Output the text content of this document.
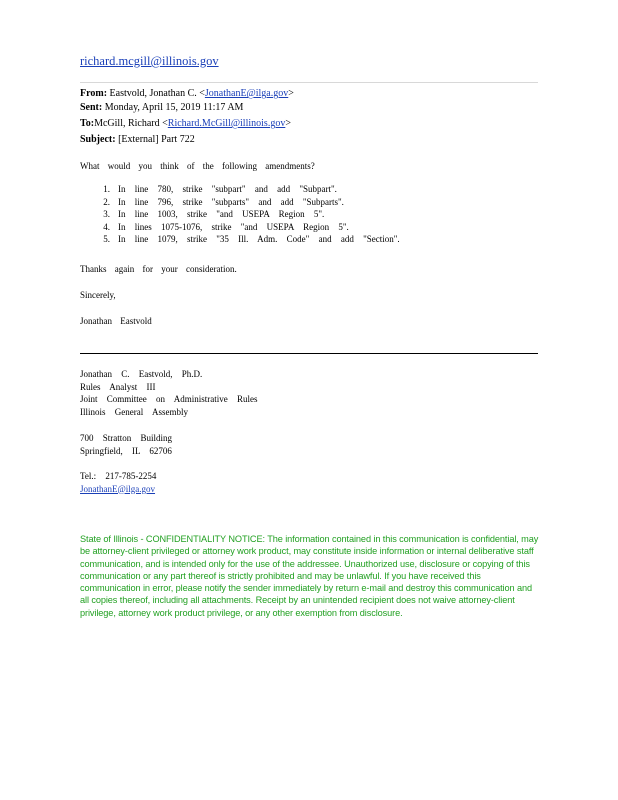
richard.mcgill@illinois.gov
From: Eastvold, Jonathan C. <JonathanE@ilga.gov>
Sent: Monday, April 15, 2019 11:17 AM
To:McGill, Richard <Richard.McGill@illinois.gov>
Subject: [External] Part 722
What would you think of the following amendments?
1. In line 780, strike "subpart" and add "Subpart".
2. In line 796, strike "subparts" and add "Subparts".
3. In line 1003, strike "and USEPA Region 5".
4. In lines 1075-1076, strike "and USEPA Region 5".
5. In line 1079, strike "35 Ill. Adm. Code" and add "Section".
Thanks again for your consideration.
Sincerely,
Jonathan Eastvold
Jonathan C. Eastvold, Ph.D.
Rules Analyst III
Joint Committee on Administrative Rules
Illinois General Assembly
700 Stratton Building
Springfield, IL 62706
Tel.: 217-785-2254
JonathanE@ilga.gov
State of Illinois - CONFIDENTIALITY NOTICE: The information contained in this communication is confidential, may be attorney-client privileged or attorney work product, may constitute inside information or internal deliberative staff communication, and is intended only for the use of the addressee. Unauthorized use, disclosure or copying of this communication or any part thereof is strictly prohibited and may be unlawful. If you have received this communication in error, please notify the sender immediately by return e-mail and destroy this communication and all copies thereof, including all attachments. Receipt by an unintended recipient does not waive attorney-client privilege, attorney work product privilege, or any other exemption from disclosure.
